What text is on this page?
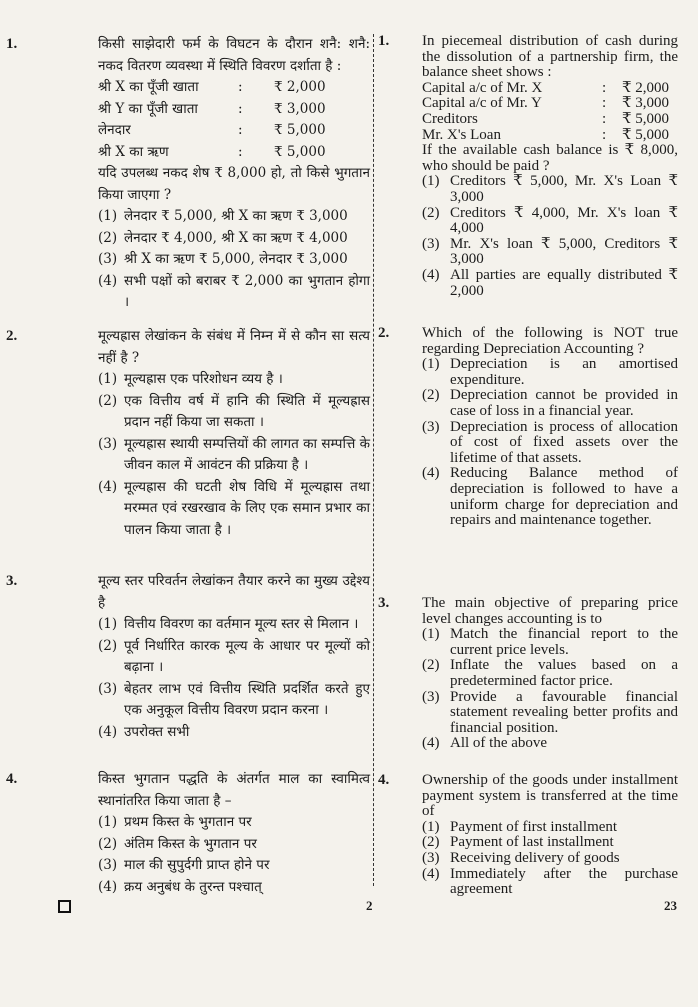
1.	किसी साझेदारी फर्म के विघटन के दौरान शनै: शनै: नकद वितरण व्यवस्था में स्थिति विवरण दर्शाता है :
श्री X का पूँजी खाता	:	₹ 2,000
श्री Y का पूँजी खाता	:	₹ 3,000
लेनदार	:	₹ 5,000
श्री X का ऋण	:	₹ 5,000
यदि उपलब्ध नकद शेष ₹ 8,000 हो, तो किसे भुगतान किया जाएगा ?
(1) लेनदार ₹ 5,000, श्री X का ऋण ₹ 3,000
(2) लेनदार ₹ 4,000, श्री X का ऋण ₹ 4,000
(3) श्री X का ऋण ₹ 5,000, लेनदार ₹ 3,000
(4) सभी पक्षों को बराबर ₹ 2,000 का भुगतान होगा ।
2.	मूल्यह्रास लेखांकन के संबंध में निम्न में से कौन सा सत्य नहीं है ?
(1) मूल्यह्रास एक परिशोधन व्यय है ।
(2) एक वित्तीय वर्ष में हानि की स्थिति में मूल्यह्रास प्रदान नहीं किया जा सकता ।
(3) मूल्यह्रास स्थायी सम्पत्तियों की लागत का सम्पत्ति के जीवन काल में आवंटन की प्रक्रिया है ।
(4) मूल्यह्रास की घटती शेष विधि में मूल्यह्रास तथा मरम्मत एवं रखरखाव के लिए एक समान प्रभार का पालन किया जाता है ।
3.	मूल्य स्तर परिवर्तन लेखांकन तैयार करने का मुख्य उद्देश्य है
(1) वित्तीय विवरण का वर्तमान मूल्य स्तर से मिलान ।
(2) पूर्व निर्धारित कारक मूल्य के आधार पर मूल्यों को बढ़ाना ।
(3) बेहतर लाभ एवं वित्तीय स्थिति प्रदर्शित करते हुए एक अनुकूल वित्तीय विवरण प्रदान करना ।
(4) उपरोक्त सभी
4.	किस्त भुगतान पद्धति के अंतर्गत माल का स्वामित्व स्थानांतरित किया जाता है –
(1) प्रथम किस्त के भुगतान पर
(2) अंतिम किस्त के भुगतान पर
(3) माल की सुपुर्दगी प्राप्त होने पर
(4) क्रय अनुबंध के तुरन्त पश्चात्
1. In piecemeal distribution of cash during the dissolution of a partnership firm, the balance sheet shows :
Capital a/c of Mr. X	:	₹ 2,000
Capital a/c of Mr. Y	:	₹ 3,000
Creditors	:	₹ 5,000
Mr. X's Loan	:	₹ 5,000
If the available cash balance is ₹ 8,000, who should be paid ?
(1) Creditors ₹ 5,000, Mr. X's Loan ₹ 3,000
(2) Creditors ₹ 4,000, Mr. X's loan ₹ 4,000
(3) Mr. X's loan ₹ 5,000, Creditors ₹ 3,000
(4) All parties are equally distributed ₹ 2,000
2. Which of the following is NOT true regarding Depreciation Accounting ?
(1) Depreciation is an amortised expenditure.
(2) Depreciation cannot be provided in case of loss in a financial year.
(3) Depreciation is process of allocation of cost of fixed assets over the lifetime of that assets.
(4) Reducing Balance method of depreciation is followed to have a uniform charge for depreciation and repairs and maintenance together.
3. The main objective of preparing price level changes accounting is to
(1) Match the financial report to the current price levels.
(2) Inflate the values based on a predetermined factor price.
(3) Provide a favourable financial statement revealing better profits and financial position.
(4) All of the above
4. Ownership of the goods under installment payment system is transferred at the time of
(1) Payment of first installment
(2) Payment of last installment
(3) Receiving delivery of goods
(4) Immediately after the purchase agreement
2	23
